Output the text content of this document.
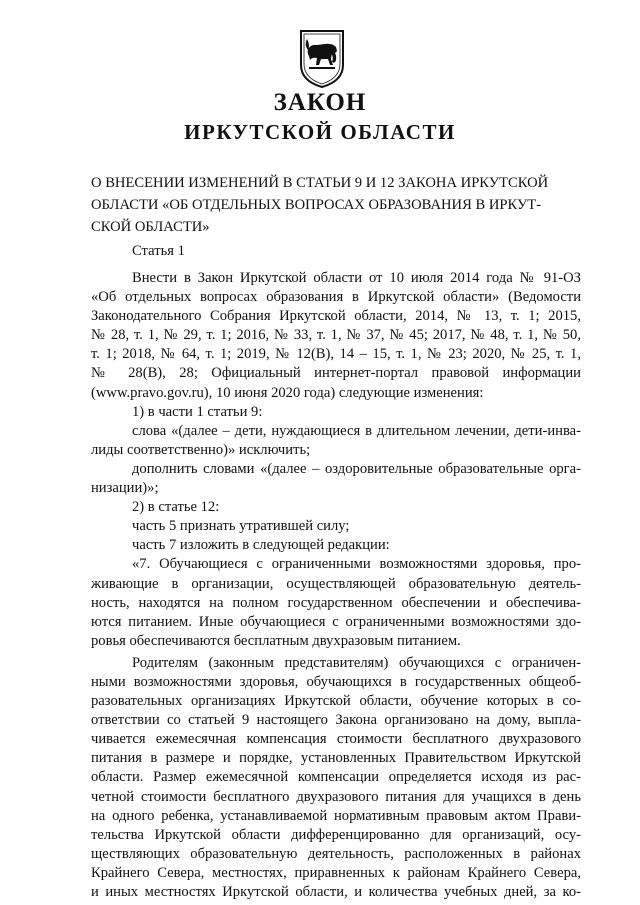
ЗАКОН
ИРКУТСКОЙ ОБЛАСТИ
О ВНЕСЕНИИ ИЗМЕНЕНИЙ В СТАТЬИ 9 И 12 ЗАКОНА ИРКУТСКОЙ
ОБЛАСТИ «ОБ ОТДЕЛЬНЫХ ВОПРОСАХ ОБРАЗОВАНИЯ В ИРКУТ-
СКОЙ ОБЛАСТИ»
Статья 1
Внести в Закон Иркутской области от 10 июля 2014 года № 91-ОЗ
«Об отдельных вопросах образования в Иркутской области» (Ведомости
Законодательного Собрания Иркутской области, 2014, № 13, т. 1; 2015,
№ 28, т. 1, № 29, т. 1; 2016, № 33, т. 1, № 37, № 45; 2017, № 48, т. 1, № 50,
т. 1; 2018, № 64, т. 1; 2019, № 12(В), 14 – 15, т. 1, № 23; 2020, № 25, т. 1,
№ 28(В), 28; Официальный интернет-портал правовой информации
(www.pravo.gov.ru), 10 июня 2020 года) следующие изменения:
1) в части 1 статьи 9:
слова «(далее – дети, нуждающиеся в длительном лечении, дети-инва-
лиды соответственно)» исключить;
дополнить словами «(далее – оздоровительные образовательные орга-
низации)»;
2) в статье 12:
часть 5 признать утратившей силу;
часть 7 изложить в следующей редакции:
«7. Обучающиеся с ограниченными возможностями здоровья, про-
живающие в организации, осуществляющей образовательную деятель-
ность, находятся на полном государственном обеспечении и обеспечива-
ются питанием. Иные обучающиеся с ограниченными возможностями здо-
ровья обеспечиваются бесплатным двухразовым питанием.
Родителям (законным представителям) обучающихся с ограничен-
ными возможностями здоровья, обучающихся в государственных общеоб-
разовательных организациях Иркутской области, обучение которых в со-
ответствии со статьей 9 настоящего Закона организовано на дому, выпла-
чивается ежемесячная компенсация стоимости бесплатного двухразового
питания в размере и порядке, установленных Правительством Иркутской
области. Размер ежемесячной компенсации определяется исходя из рас-
четной стоимости бесплатного двухразового питания для учащихся в день
на одного ребенка, устанавливаемой нормативным правовым актом Прави-
тельства Иркутской области дифференцированно для организаций, осу-
ществляющих образовательную деятельность, расположенных в районах
Крайнего Севера, местностях, приравненных к районам Крайнего Севера,
и иных местностях Иркутской области, и количества учебных дней, за ко-
